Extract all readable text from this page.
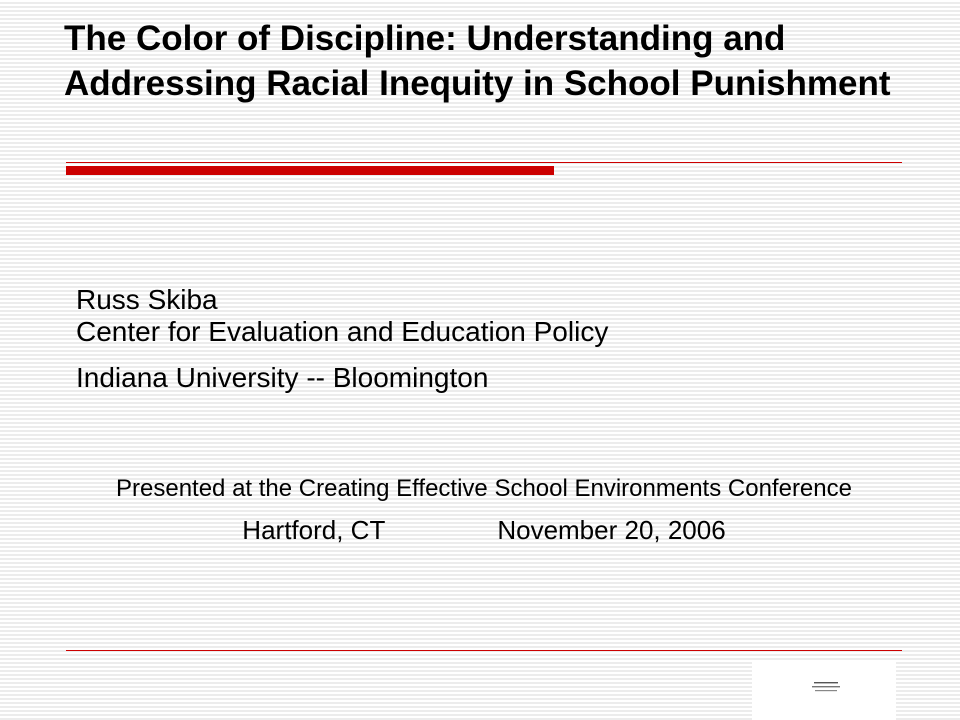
The Color of Discipline: Understanding and Addressing Racial Inequity in School Punishment
Russ Skiba
Center for Evaluation and Education Policy
Indiana University -- Bloomington
Presented at the Creating Effective School Environments Conference
Hartford, CT	November 20, 2006
